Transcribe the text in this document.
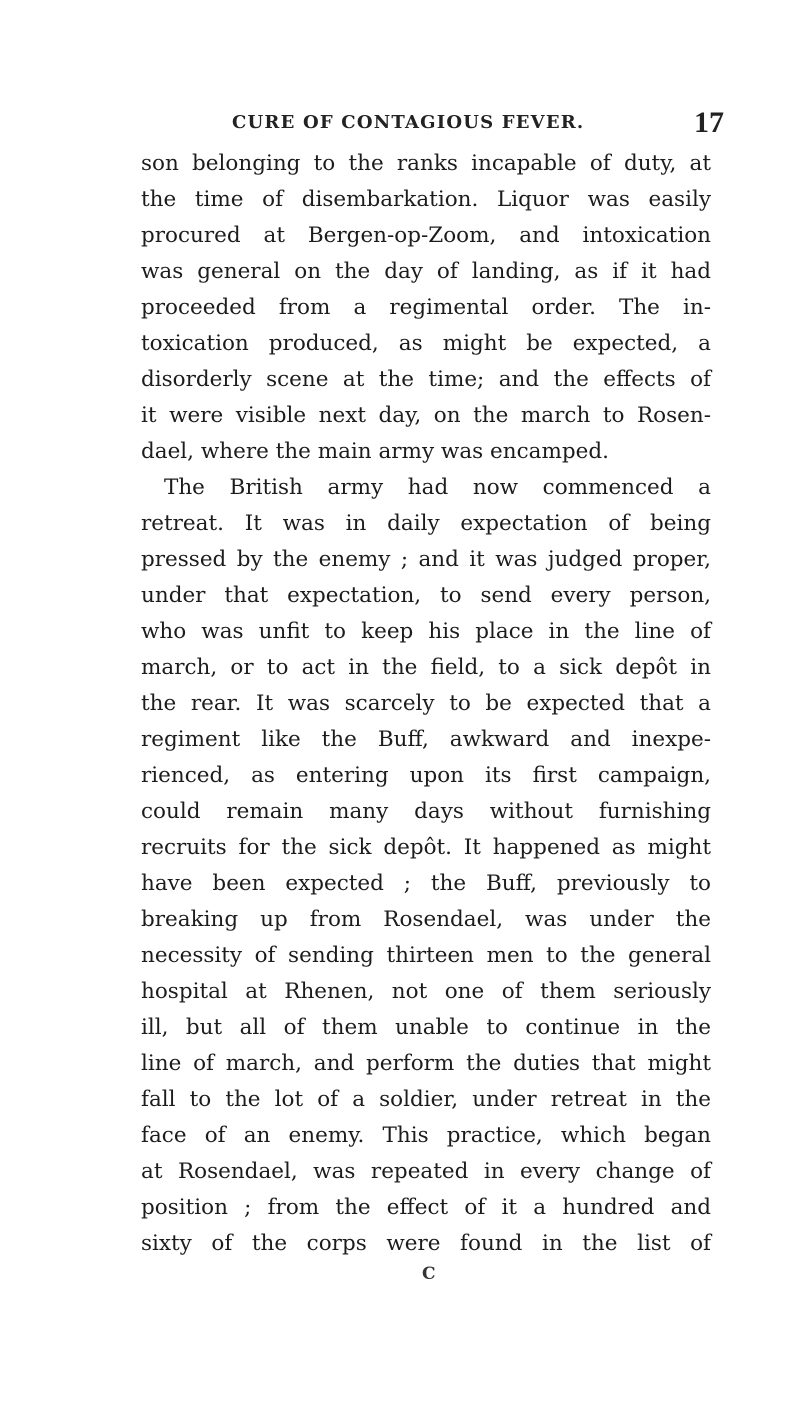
CURE OF CONTAGIOUS FEVER.	17
son belonging to the ranks incapable of duty, at
the time of disembarkation. Liquor was easily
procured at Bergen-op-Zoom, and intoxication
was general on the day of landing, as if it had
proceeded from a regimental order. The in-
toxication produced, as might be expected, a
disorderly scene at the time; and the effects of
it were visible next day, on the march to Rosen-
dael, where the main army was encamped.
The British army had now commenced a
retreat. It was in daily expectation of being
pressed by the enemy ; and it was judged proper,
under that expectation, to send every person,
who was unfit to keep his place in the line of
march, or to act in the field, to a sick depôt in
the rear. It was scarcely to be expected that a
regiment like the Buff, awkward and inexpe-
rienced, as entering upon its first campaign,
could remain many days without furnishing
recruits for the sick depôt. It happened as might
have been expected ; the Buff, previously to
breaking up from Rosendael, was under the
necessity of sending thirteen men to the general
hospital at Rhenen, not one of them seriously
ill, but all of them unable to continue in the
line of march, and perform the duties that might
fall to the lot of a soldier, under retreat in the
face of an enemy. This practice, which began
at Rosendael, was repeated in every change of
position ; from the effect of it a hundred and
sixty of the corps were found in the list of
C
